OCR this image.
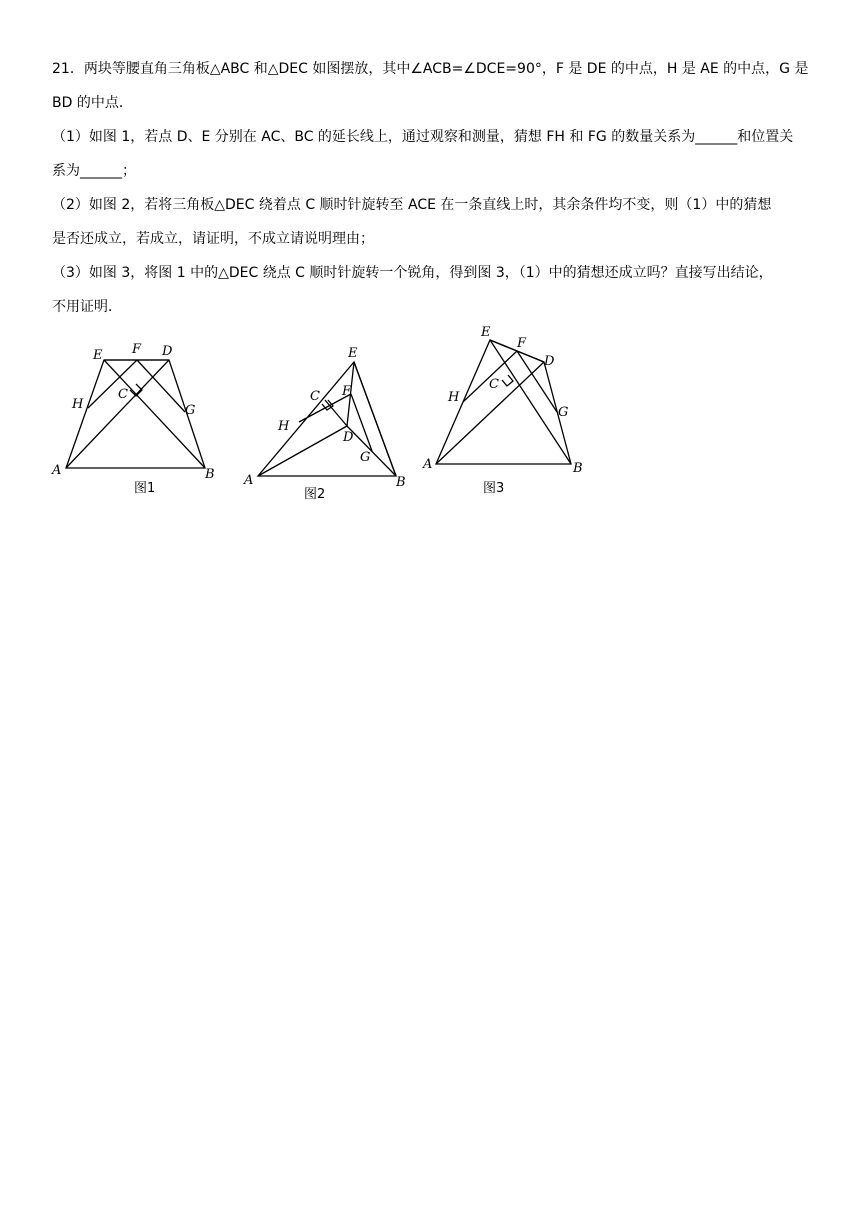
21．两块等腰直角三角板△ABC 和△DEC 如图摆放，其中∠ACB=∠DCE=90°，F 是 DE 的中点，H 是 AE 的中点，G 是
BD 的中点．
（1）如图 1，若点 D、E 分别在 AC、BC 的延长线上，通过观察和测量，猜想 FH 和 FG 的数量关系为______和位置关
系为______；
（2）如图 2，若将三角板△DEC 绕着点 C 顺时针旋转至 ACE 在一条直线上时，其余条件均不变，则（1）中的猜想
是否还成立，若成立，请证明，不成立请说明理由；
（3）如图 3，将图 1 中的△DEC 绕点 C 顺时针旋转一个锐角，得到图 3，（1）中的猜想还成立吗？直接写出结论，
不用证明．
E F D
H
C
G
A	B
图1
E
C F
H
D
G
A	B
图2
E
F
D
H
C
G
A	B
图3
